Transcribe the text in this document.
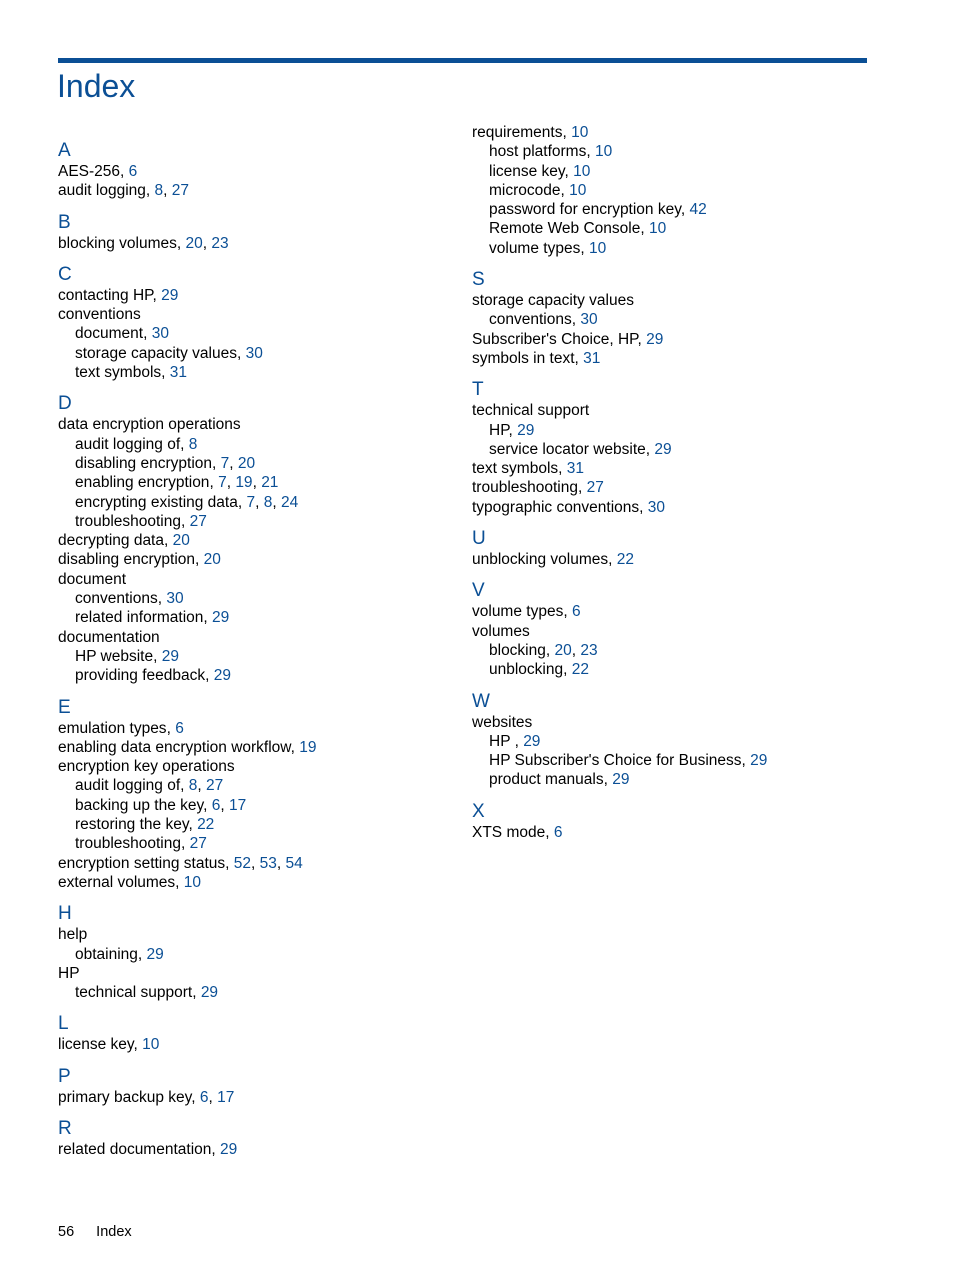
Index
A
AES-256, 6
audit logging, 8, 27
B
blocking volumes, 20, 23
C
contacting HP, 29
conventions
document, 30
storage capacity values, 30
text symbols, 31
D
data encryption operations
audit logging of, 8
disabling encryption, 7, 20
enabling encryption, 7, 19, 21
encrypting existing data, 7, 8, 24
troubleshooting, 27
decrypting data, 20
disabling encryption, 20
document
conventions, 30
related information, 29
documentation
HP website, 29
providing feedback, 29
E
emulation types, 6
enabling data encryption workflow, 19
encryption key operations
audit logging of, 8, 27
backing up the key, 6, 17
restoring the key, 22
troubleshooting, 27
encryption setting status, 52, 53, 54
external volumes, 10
H
help
obtaining, 29
HP
technical support, 29
L
license key, 10
P
primary backup key, 6, 17
R
related documentation, 29
requirements, 10
host platforms, 10
license key, 10
microcode, 10
password for encryption key, 42
Remote Web Console, 10
volume types, 10
S
storage capacity values
conventions, 30
Subscriber's Choice, HP, 29
symbols in text, 31
T
technical support
HP, 29
service locator website, 29
text symbols, 31
troubleshooting, 27
typographic conventions, 30
U
unblocking volumes, 22
V
volume types, 6
volumes
blocking, 20, 23
unblocking, 22
W
websites
HP , 29
HP Subscriber's Choice for Business, 29
product manuals, 29
X
XTS mode, 6
56 Index
